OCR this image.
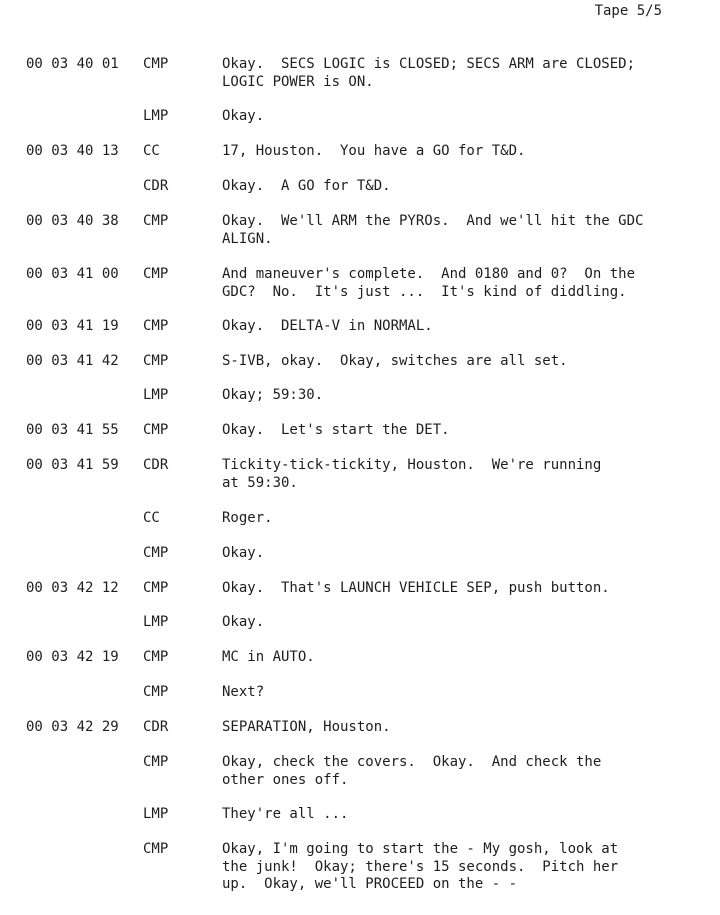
Tape 5/5
00 03 40 01 CMP	Okay.  SECS LOGIC is CLOSED; SECS ARM are CLOSED;
LOGIC POWER is ON.
LMP	Okay.
00 03 40 13 CC	17, Houston.  You have a GO for T&D.
CDR	Okay.  A GO for T&D.
00 03 40 38 CMP	Okay.  We'll ARM the PYROs.  And we'll hit the GDC
ALIGN.
00 03 41 00 CMP	And maneuver's complete.  And 0180 and 0?  On the
GDC?  No.  It's just ...  It's kind of diddling.
00 03 41 19 CMP	Okay.  DELTA-V in NORMAL.
00 03 41 42 CMP	S-IVB, okay.  Okay, switches are all set.
LMP	Okay; 59:30.
00 03 41 55 CMP	Okay.  Let's start the DET.
00 03 41 59 CDR	Tickity-tick-tickity, Houston.  We're running
at 59:30.
CC	Roger.
CMP	Okay.
00 03 42 12 CMP	Okay.  That's LAUNCH VEHICLE SEP, push button.
LMP	Okay.
00 03 42 19 CMP	MC in AUTO.
CMP	Next?
00 03 42 29 CDR	SEPARATION, Houston.
CMP	Okay, check the covers.  Okay.  And check the
other ones off.
LMP	They're all ...
CMP	Okay, I'm going to start the - My gosh, look at
the junk!  Okay; there's 15 seconds.  Pitch her
up.  Okay, we'll PROCEED on the - -
